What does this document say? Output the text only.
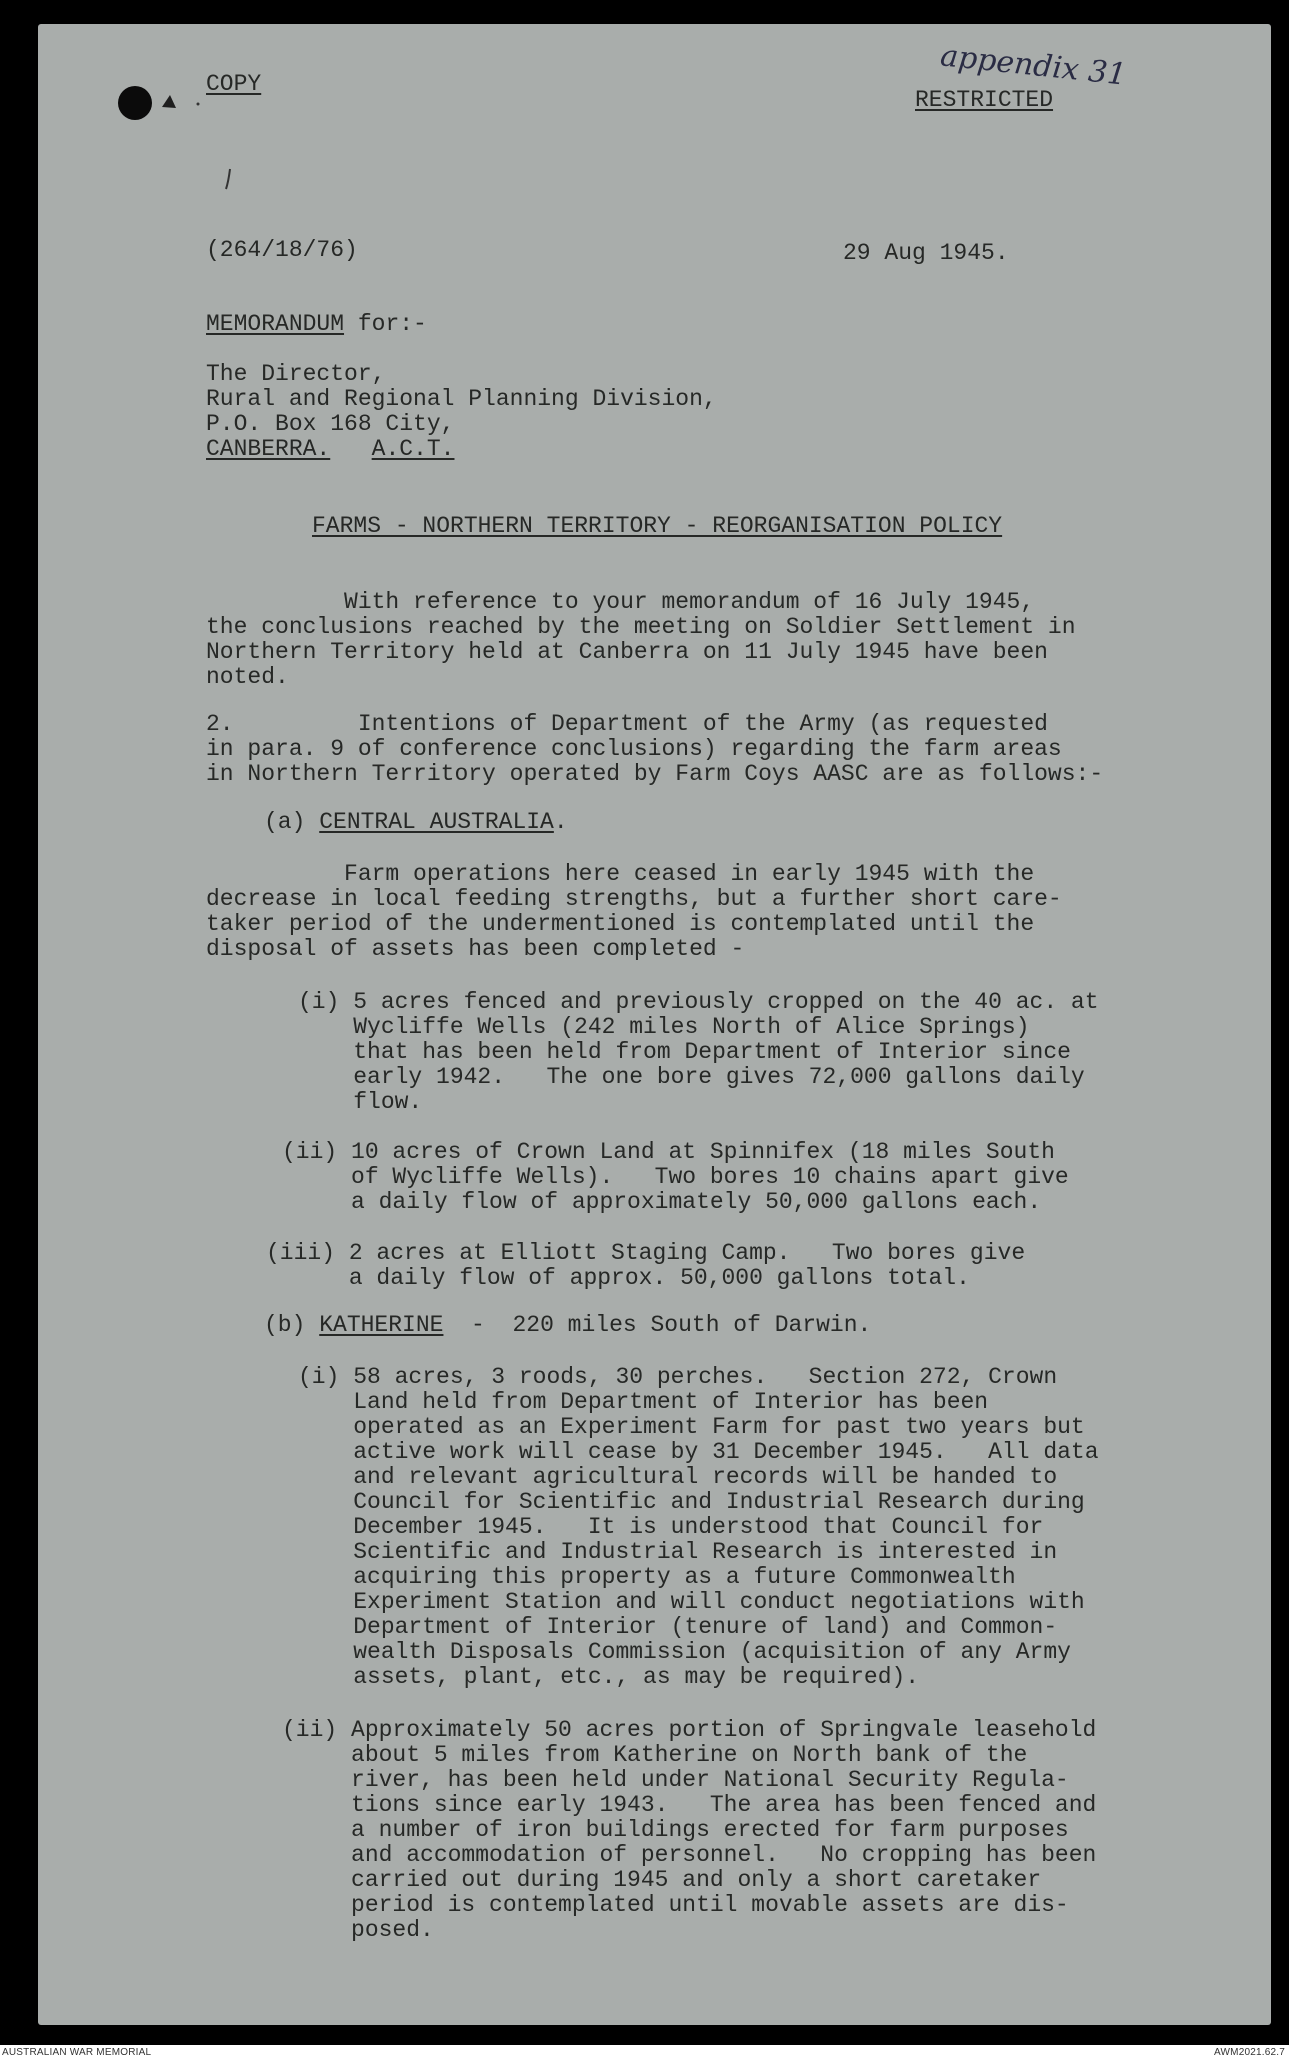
AUSTRALIAN WAR MEMORIAL	AWM2021.62.7
COPY
RESTRICTED
appendix 31
(264/18/76)	29 Aug 1945.
MEMORANDUM for:-
The Director,
Rural and Regional Planning Division,
P.O. Box 168 City,
CANBERRA. A.C.T.
FARMS - NORTHERN TERRITORY - REORGANISATION POLICY
With reference to your memorandum of 16 July 1945,
the conclusions reached by the meeting on Soldier Settlement in
Northern Territory held at Canberra on 11 July 1945 have been
noted.
2.         Intentions of Department of the Army (as requested
in para. 9 of conference conclusions) regarding the farm areas
in Northern Territory operated by Farm Coys AASC are as follows:-
(a) CENTRAL AUSTRALIA.
Farm operations here ceased in early 1945 with the
decrease in local feeding strengths, but a further short care-
taker period of the undermentioned is contemplated until the
disposal of assets has been completed -
(i) 5 acres fenced and previously cropped on the 40 ac. at
Wycliffe Wells (242 miles North of Alice Springs)
that has been held from Department of Interior since
early 1942.   The one bore gives 72,000 gallons daily
flow.
(ii) 10 acres of Crown Land at Spinnifex (18 miles South
of Wycliffe Wells).   Two bores 10 chains apart give
a daily flow of approximately 50,000 gallons each.
(iii) 2 acres at Elliott Staging Camp.   Two bores give
a daily flow of approx. 50,000 gallons total.
(b) KATHERINE  -  220 miles South of Darwin.
(i) 58 acres, 3 roods, 30 perches.   Section 272, Crown
Land held from Department of Interior has been
operated as an Experiment Farm for past two years but
active work will cease by 31 December 1945.   All data
and relevant agricultural records will be handed to
Council for Scientific and Industrial Research during
December 1945.   It is understood that Council for
Scientific and Industrial Research is interested in
acquiring this property as a future Commonwealth
Experiment Station and will conduct negotiations with
Department of Interior (tenure of land) and Common-
wealth Disposals Commission (acquisition of any Army
assets, plant, etc., as may be required).
(ii) Approximately 50 acres portion of Springvale leasehold
about 5 miles from Katherine on North bank of the
river, has been held under National Security Regula-
tions since early 1943.   The area has been fenced and
a number of iron buildings erected for farm purposes
and accommodation of personnel.   No cropping has been
carried out during 1945 and only a short caretaker
period is contemplated until movable assets are dis-
posed.
